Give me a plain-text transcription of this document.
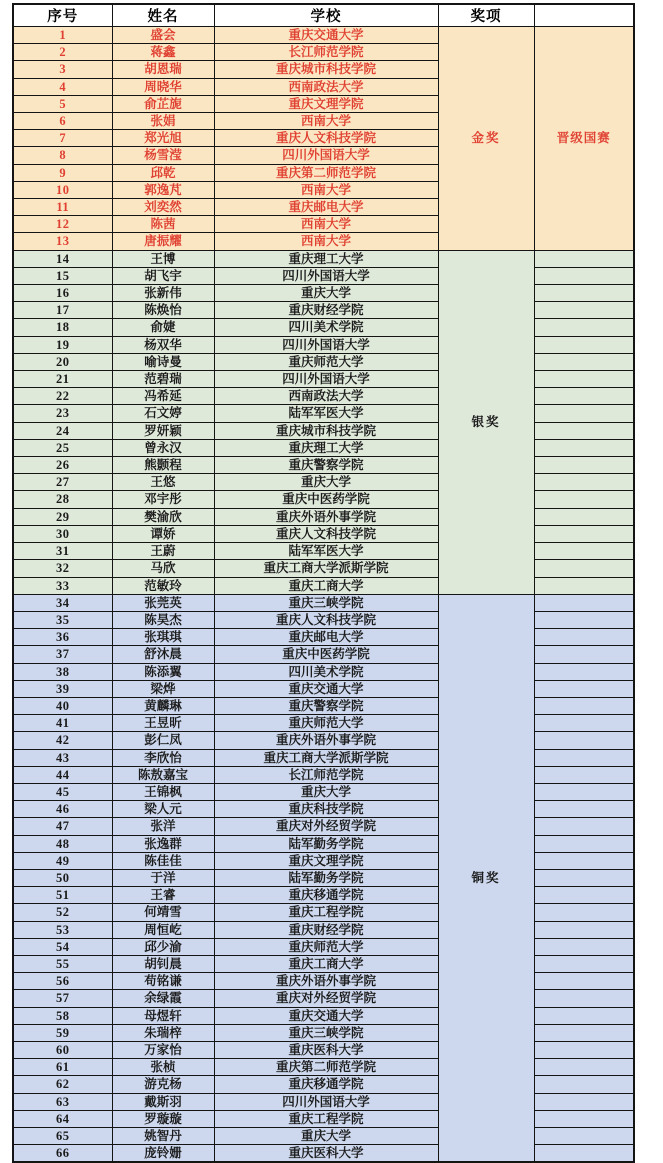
序号	姓名	学校	奖项	
1	盛会	重庆交通大学	金奖	晋级国赛
2	蒋鑫	长江师范学院		
3	胡恩瑞	重庆城市科技学院		
4	周晓华	西南政法大学		
5	俞芷旎	重庆文理学院		
6	张娟	西南大学		
7	郑光旭	重庆人文科技学院		
8	杨雪滢	四川外国语大学		
9	邱乾	重庆第二师范学院		
10	郭逸芃	西南大学		
11	刘奕然	重庆邮电大学		
12	陈茜	西南大学		
13	唐振耀	西南大学		
14	王博	重庆理工大学	银奖	
15	胡飞宇	四川外国语大学		
16	张新伟	重庆大学		
17	陈焕怡	重庆财经学院		
18	俞婕	四川美术学院		
19	杨双华	四川外国语大学		
20	喻诗曼	重庆师范大学		
21	范碧瑞	四川外国语大学		
22	冯希延	西南政法大学		
23	石文婷	陆军军医大学		
24	罗妍颖	重庆城市科技学院		
25	曾永汉	重庆理工大学		
26	熊颢程	重庆警察学院		
27	王悠	重庆大学		
28	邓宇彤	重庆中医药学院		
29	樊渝欣	重庆外语外事学院		
30	谭娇	重庆人文科技学院		
31	王蔚	陆军军医大学		
32	马欣	重庆工商大学派斯学院		
33	范敏玲	重庆工商大学		
34	张莞英	重庆三峡学院	铜奖	
35	陈昊杰	重庆人文科技学院		
36	张琪琪	重庆邮电大学		
37	舒沐晨	重庆中医药学院		
38	陈添翼	四川美术学院		
39	梁烨	重庆交通大学		
40	黄麟琳	重庆警察学院		
41	王昱昕	重庆师范大学		
42	彭仁凤	重庆外语外事学院		
43	李欣怡	重庆工商大学派斯学院		
44	陈敖嘉宝	长江师范学院		
45	王锦枫	重庆大学		
46	梁人元	重庆科技学院		
47	张洋	重庆对外经贸学院		
48	张逸群	陆军勤务学院		
49	陈佳佳	重庆文理学院		
50	于洋	陆军勤务学院		
51	王睿	重庆移通学院		
52	何靖雪	重庆工程学院		
53	周恒屹	重庆财经学院		
54	邱少渝	重庆师范大学		
55	胡钊晨	重庆工商大学		
56	苟铭谦	重庆外语外事学院		
57	余绿霞	重庆对外经贸学院		
58	母煜轩	重庆交通大学		
59	朱瑞梓	重庆三峡学院		
60	万家怡	重庆医科大学		
61	张桢	重庆第二师范学院		
62	游克杨	重庆移通学院		
63	戴斯羽	四川外国语大学		
64	罗璇璇	重庆工程学院		
65	姚智丹	重庆大学		
66	庞铃姗	重庆医科大学		
